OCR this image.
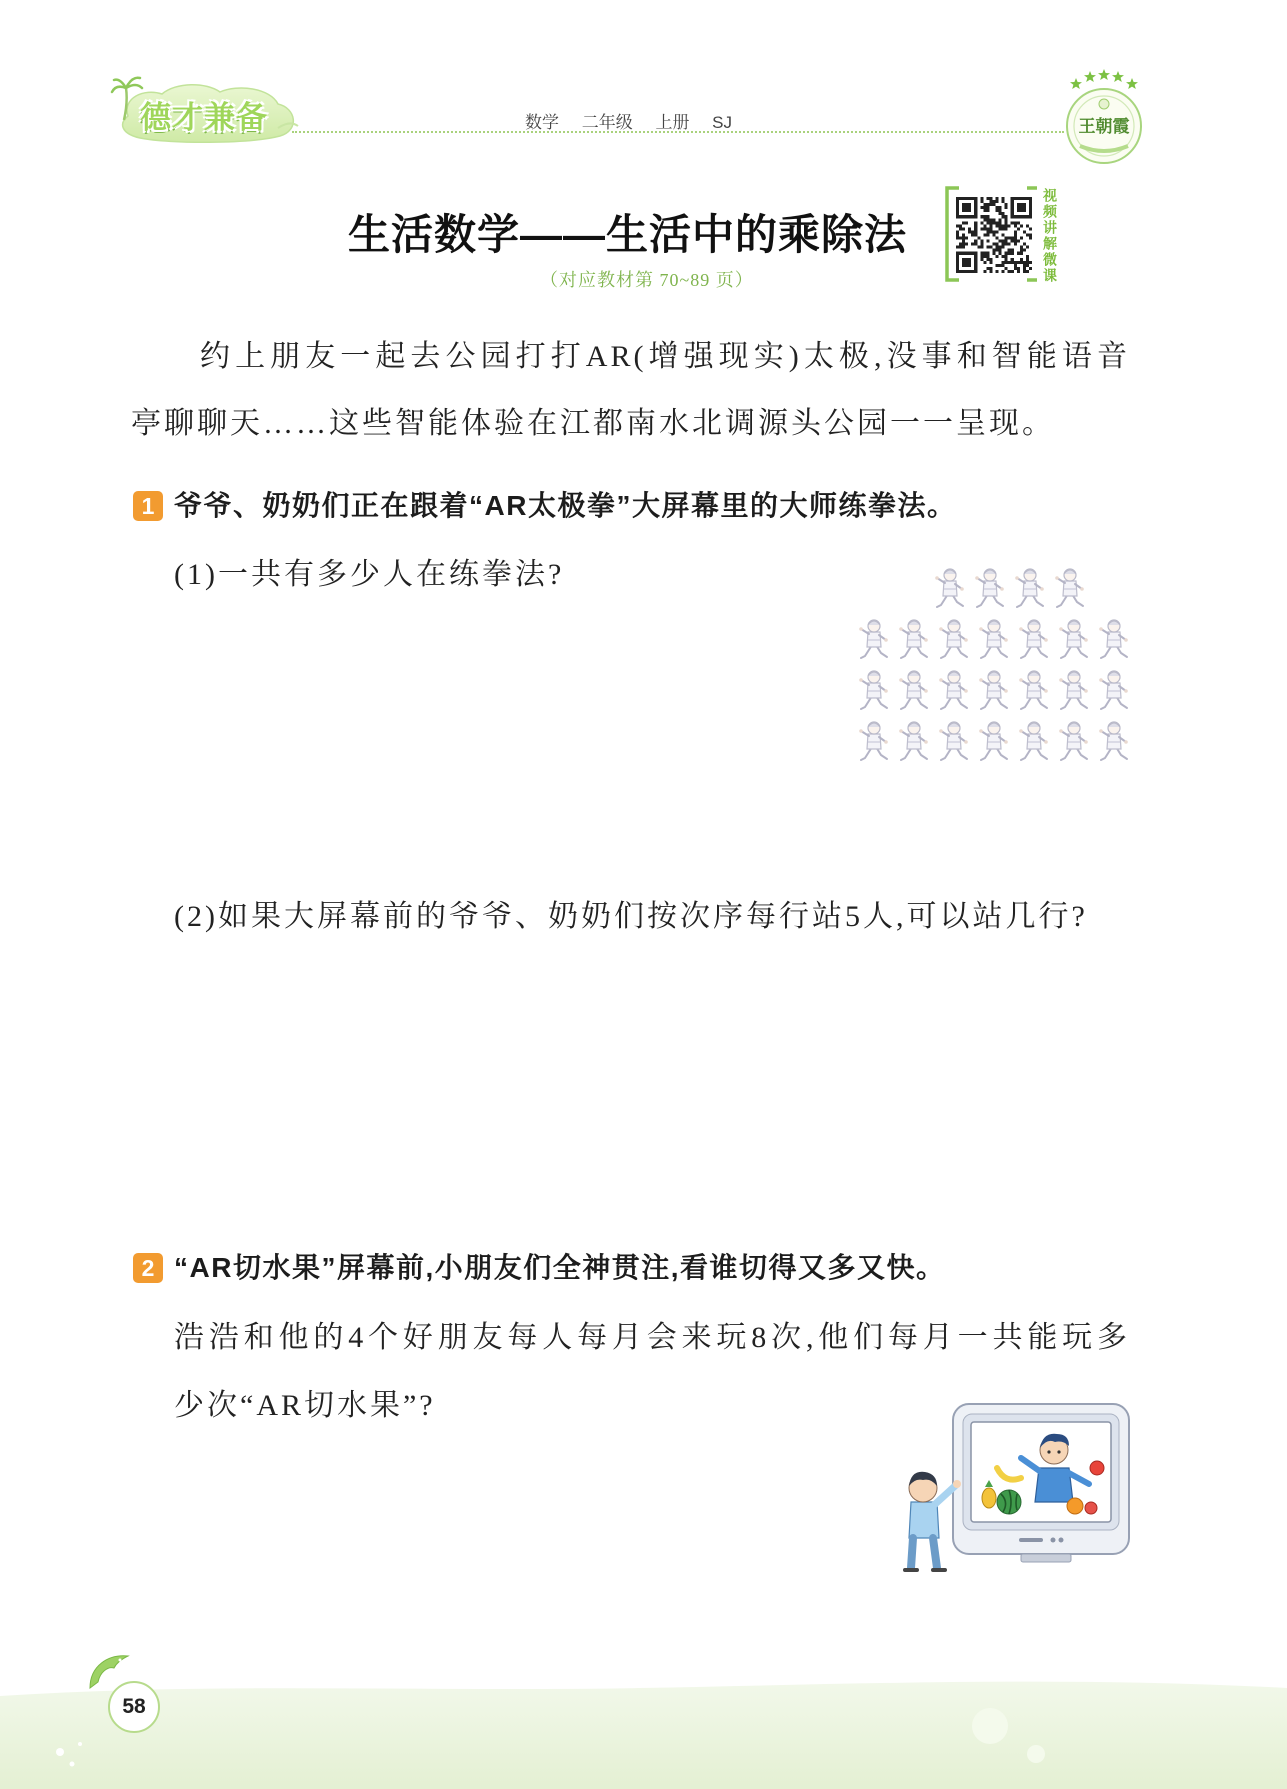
德才兼备	数学 二年级 上册 SJ	王朝霞
生活数学——生活中的乘除法
（对应教材第 70~89 页）	视频讲解微课
约上朋友一起去公园打打AR(增强现实)太极,没事和智能语音
亭聊聊天……这些智能体验在江都南水北调源头公园一一呈现。
1 爷爷、奶奶们正在跟着“AR太极拳”大屏幕里的大师练拳法。
(1)一共有多少人在练拳法?
(2)如果大屏幕前的爷爷、奶奶们按次序每行站5人,可以站几行?
2 “AR切水果”屏幕前,小朋友们全神贯注,看谁切得又多又快。
浩浩和他的4个好朋友每人每月会来玩8次,他们每月一共能玩多
少次“AR切水果”?
58
